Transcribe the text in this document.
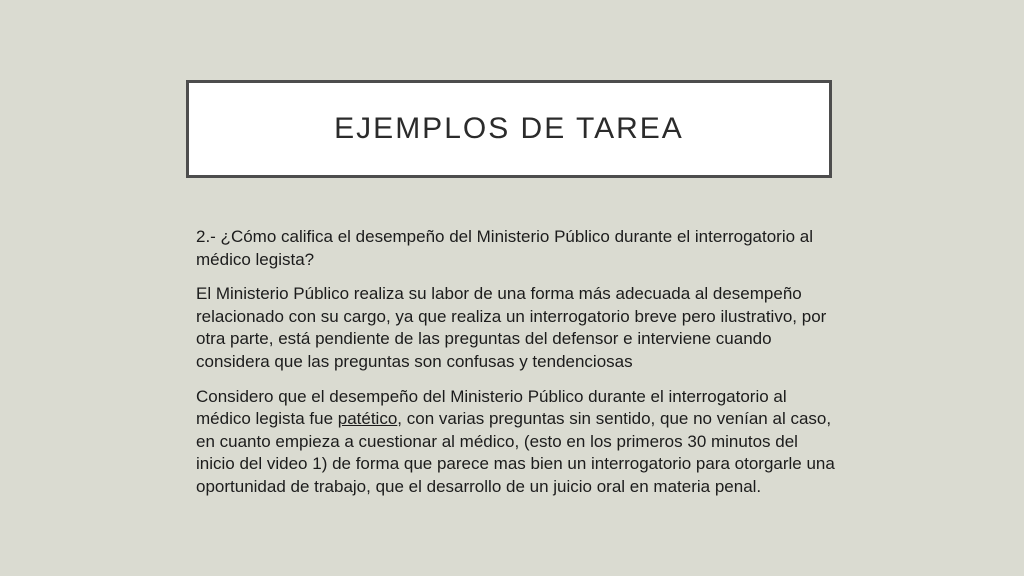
EJEMPLOS DE TAREA

2.- ¿Cómo califica el desempeño del Ministerio Público durante el interrogatorio al médico legista?

El Ministerio Público realiza su labor de una forma más adecuada al desempeño relacionado con su cargo, ya que realiza un interrogatorio breve pero ilustrativo, por otra parte, está pendiente de las preguntas del defensor e interviene cuando considera que las preguntas son confusas y tendenciosas

Considero que el desempeño del Ministerio Público durante el interrogatorio al médico legista fue patético, con varias preguntas sin sentido, que no venían al caso, en cuanto empieza a cuestionar al médico, (esto en los primeros 30 minutos del inicio del video 1) de forma que parece mas bien un interrogatorio para otorgarle una oportunidad de trabajo, que el desarrollo de un juicio oral en materia penal.
